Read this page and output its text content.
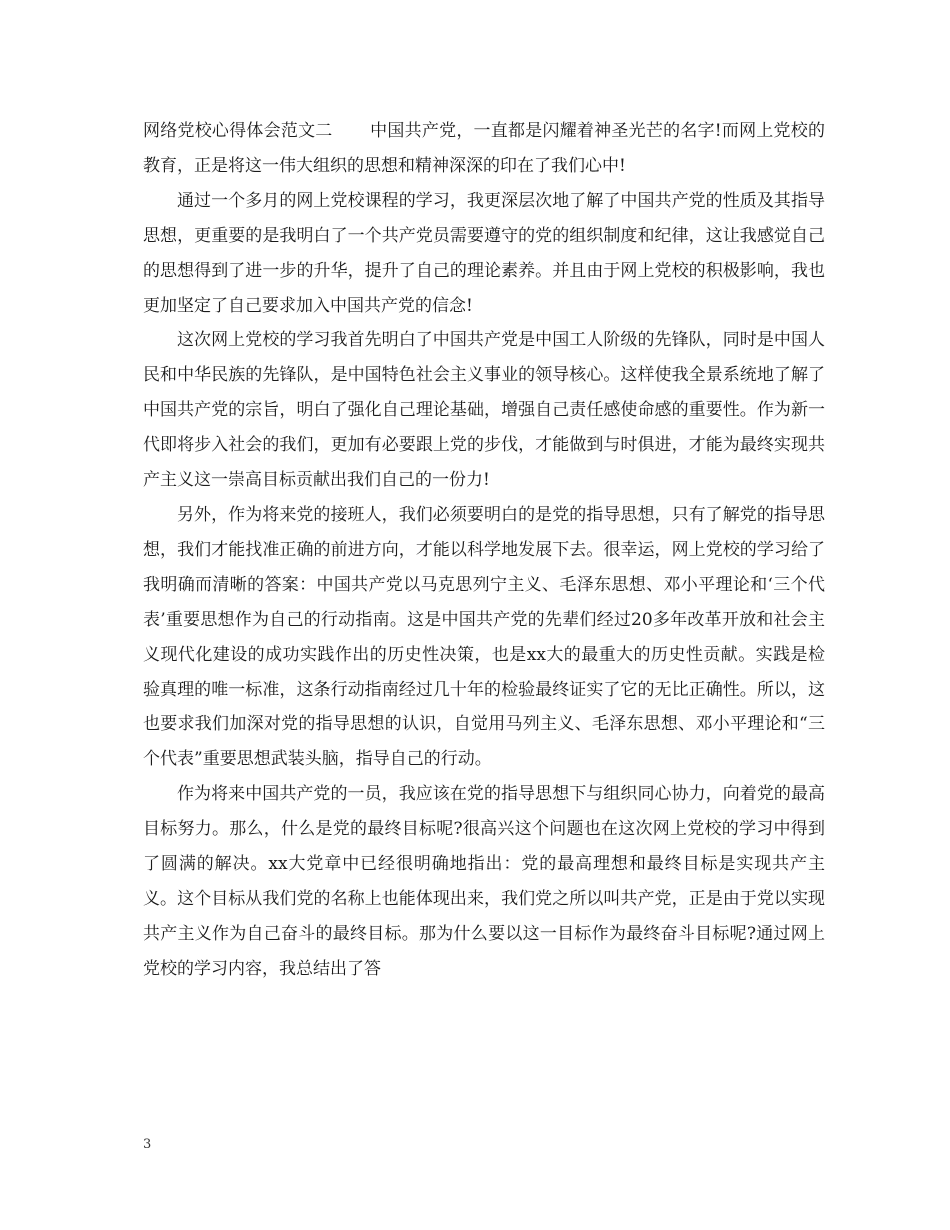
网络党校心得体会范文二 中国共产党，一直都是闪耀着神圣光芒的名字!而网上党校的教育，正是将这一伟大组织的思想和精神深深的印在了我们心中!

通过一个多月的网上党校课程的学习，我更深层次地了解了中国共产党的性质及其指导思想，更重要的是我明白了一个共产党员需要遵守的党的组织制度和纪律，这让我感觉自己的思想得到了进一步的升华，提升了自己的理论素养。并且由于网上党校的积极影响，我也更加坚定了自己要求加入中国共产党的信念!

这次网上党校的学习我首先明白了中国共产党是中国工人阶级的先锋队，同时是中国人民和中华民族的先锋队，是中国特色社会主义事业的领导核心。这样使我全景系统地了解了中国共产党的宗旨，明白了强化自己理论基础，增强自己责任感使命感的重要性。作为新一代即将步入社会的我们，更加有必要跟上党的步伐，才能做到与时俱进，才能为最终实现共产主义这一崇高目标贡献出我们自己的一份力!

另外，作为将来党的接班人，我们必须要明白的是党的指导思想，只有了解党的指导思想，我们才能找准正确的前进方向，才能以科学地发展下去。很幸运，网上党校的学习给了我明确而清晰的答案：中国共产党以马克思列宁主义、毛泽东思想、邓小平理论和‘三个代表’重要思想作为自己的行动指南。这是中国共产党的先辈们经过20多年改革开放和社会主义现代化建设的成功实践作出的历史性决策，也是xx大的最重大的历史性贡献。实践是检验真理的唯一标准，这条行动指南经过几十年的检验最终证实了它的无比正确性。所以，这也要求我们加深对党的指导思想的认识，自觉用马列主义、毛泽东思想、邓小平理论和“三个代表”重要思想武装头脑，指导自己的行动。

作为将来中国共产党的一员，我应该在党的指导思想下与组织同心协力，向着党的最高目标努力。那么，什么是党的最终目标呢?很高兴这个问题也在这次网上党校的学习中得到了圆满的解决。xx大党章中已经很明确地指出：党的最高理想和最终目标是实现共产主义。这个目标从我们党的名称上也能体现出来，我们党之所以叫共产党，正是由于党以实现共产主义作为自己奋斗的最终目标。那为什么要以这一目标作为最终奋斗目标呢?通过网上党校的学习内容，我总结出了答

3
